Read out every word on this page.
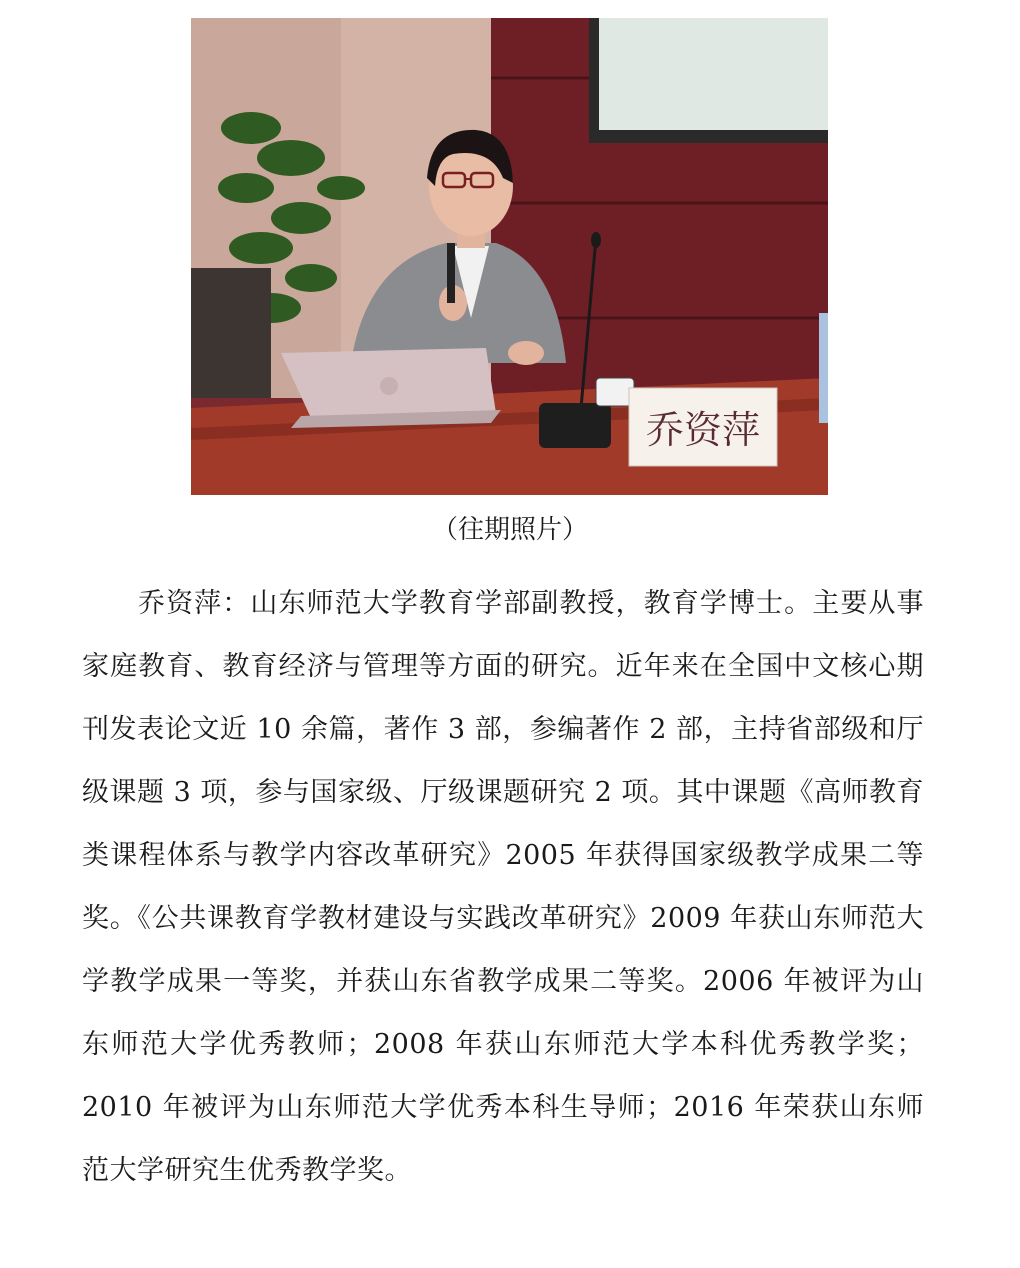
乔资萍
（往期照片）

乔资萍：山东师范大学教育学部副教授，教育学博士。主要从事家庭教育、教育经济与管理等方面的研究。近年来在全国中文核心期刊发表论文近 10 余篇，著作 3 部，参编著作 2 部，主持省部级和厅级课题 3 项，参与国家级、厅级课题研究 2 项。其中课题《高师教育类课程体系与教学内容改革研究》2005 年获得国家级教学成果二等奖。《公共课教育学教材建设与实践改革研究》2009 年获山东师范大学教学成果一等奖，并获山东省教学成果二等奖。2006 年被评为山东师范大学优秀教师；2008 年获山东师范大学本科优秀教学奖；2010 年被评为山东师范大学优秀本科生导师；2016 年荣获山东师范大学研究生优秀教学奖。
